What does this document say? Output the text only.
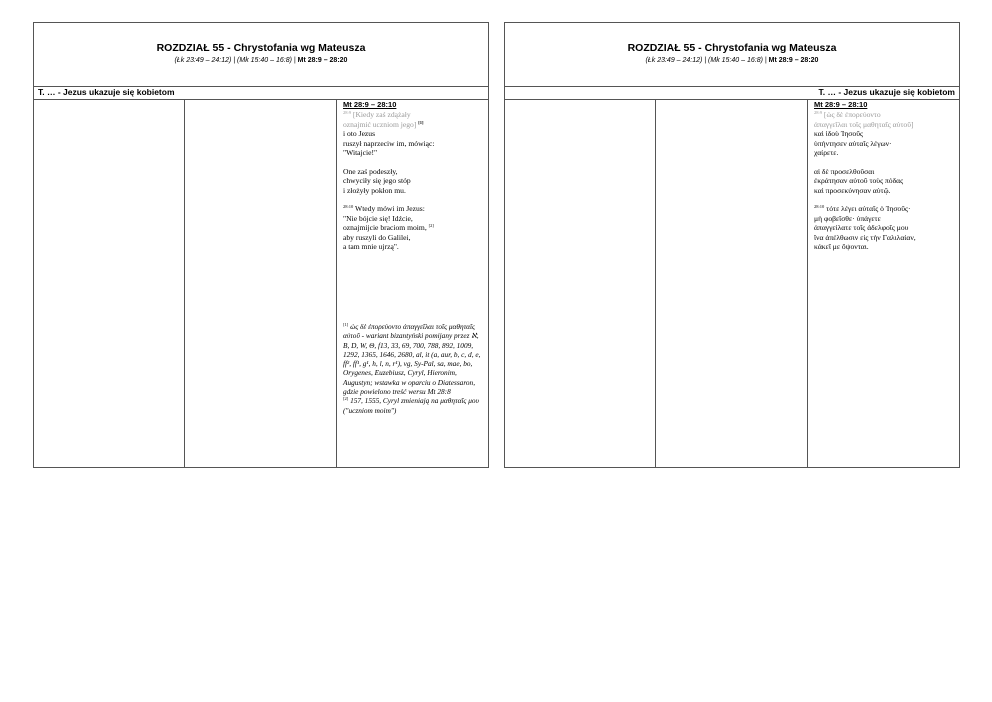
ROZDZIAŁ 55 - Chrystofania wg Mateusza
(Łk 23:49 – 24:12) | (Mk 15:40 – 16:8) | Mt 28:9 – 28:20
T. … - Jezus ukazuje się kobietom
Mt 28:9 – 28:10
$^{28:9}$ [Kiedy zaś zdążały
oznajmić uczniom jego] [1]
i oto Jezus
ruszył naprzeciw im, mówiąc:
"Witajcie!"
One zaś podeszły,
chwyciły się jego stóp
i złożyły pokłon mu.
$^{28:10}$ Wtedy mówi im Jezus:
"Nie bójcie się! Idźcie,
oznajmijcie braciom moim, [2]
aby ruszyli do Galilei,
a tam mnie ujrzą".
[1] ὡς δὲ ἐπορεύοντο ἀπαγγεῖλαι τοῖς μαθηταῖς αὐτοῦ - wariant bizantyński pomijany przez ℵ, B, D, W, Θ, f13, 33, 69, 700, 788, 892, 1009, 1292, 1365, 1646, 2680, al, it (a, aur, b, c, d, e, ff², ff¹, g¹, h, l, n, r¹), vg, Sy-Pal, sa, mae, bo, Orygenes, Euzebiusz, Cyryl, Hieronim, Augustyn; wstawka w oparciu o Diatessaron, gdzie powielono treść wersu Mt 28:8
[2] 157, 1555, Cyryl zmieniają na μαθηταῖς μου ("uczniom moim")
ROZDZIAŁ 55 - Chrystofania wg Mateusza
(Łk 23:49 – 24:12) | (Mk 15:40 – 16:8) | Mt 28:9 – 28:20
T. … - Jezus ukazuje się kobietom
Mt 28:9 – 28:10
$^{28:9}$ [ὡς δὲ ἐπορεύοντο
ἀπαγγεῖλαι τοῖς μαθηταῖς αὐτοῦ]
καὶ ἰδοὺ Ἰησοῦς
ὑπήντησεν αὐταῖς λέγων·
χαίρετε.
αἱ δὲ προσελθοῦσαι
ἐκράτησαν αὐτοῦ τοὺς πόδας
καὶ προσεκύνησαν αὐτῷ.
$^{28:10}$ τότε λέγει αὐταῖς ὁ Ἰησοῦς·
μὴ φοβεῖσθε· ὑπάγετε
ἀπαγγείλατε τοῖς ἀδελφοῖς μου
ἵνα ἀπέλθωσιν εἰς τὴν Γαλιλαίαν,
κἀκεῖ με ὄψονται.
